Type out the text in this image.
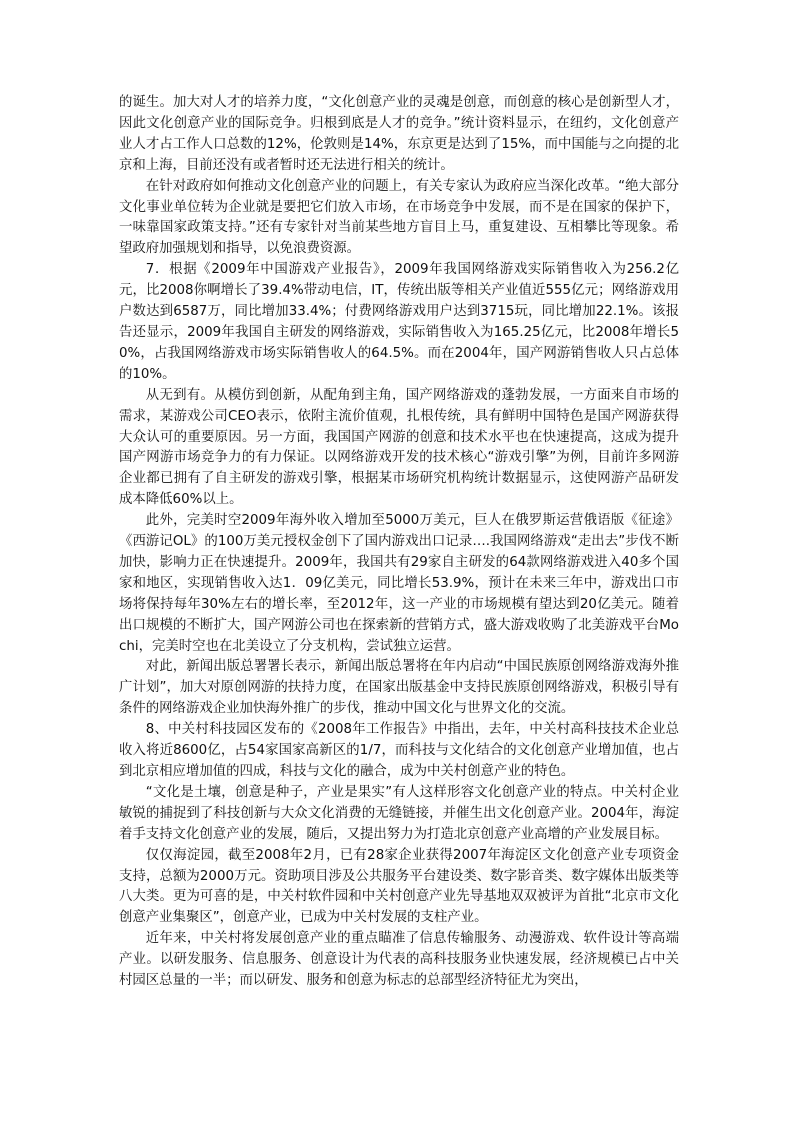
的诞生。加大对人才的培养力度，“文化创意产业的灵魂是创意，而创意的核心是创新型人才，因此文化创意产业的国际竞争。归根到底是人才的竞争。”统计资料显示，在纽约，文化创意产业人才占工作人口总数的12%，伦敦则是14%，东京更是达到了15%，而中国能与之向提的北京和上海，目前还没有或者暂时还无法进行相关的统计。

在针对政府如何推动文化创意产业的问题上，有关专家认为政府应当深化改革。“绝大部分文化事业单位转为企业就是要把它们放入市场，在市场竞争中发展，而不是在国家的保护下，一味靠国家政策支持。”还有专家针对当前某些地方盲目上马，重复建设、互相攀比等现象。希望政府加强规划和指导，以免浪费资源。

7．根据《2009年中国游戏产业报告》，2009年我国网络游戏实际销售收入为256.2亿元，比2008你啊增长了39.4%带动电信，IT，传统出版等相关产业值近555亿元；网络游戏用户数达到6587万，同比增加33.4%；付费网络游戏用户达到3715玩，同比增加22.1%。该报告还显示，2009年我国自主研发的网络游戏，实际销售收入为165.25亿元，比2008年增长50%，占我国网络游戏市场实际销售收人的64.5%。而在2004年，国产网游销售收人只占总体的10%。

从无到有。从模仿到创新，从配角到主角，国产网络游戏的蓬勃发展，一方面来自市场的需求，某游戏公司CEO表示，依附主流价值观，扎根传统，具有鲜明中国特色是国产网游获得大众认可的重要原因。另一方面，我国国产网游的创意和技术水平也在快速提高，这成为提升国产网游市场竞争力的有力保证。以网络游戏开发的技术核心“游戏引擎”为例，目前许多网游企业都已拥有了自主研发的游戏引擎，根据某市场研究机构统计数据显示，这使网游产品研发成本降低60%以上。

此外，完美时空2009年海外收入增加至5000万美元，巨人在俄罗斯运营俄语版《征途》《西游记OL》的100万美元授权金创下了国内游戏出口记录….我国网络游戏“走出去”步伐不断加快，影响力正在快速提升。2009年，我国共有29家自主研发的64款网络游戏进入40多个国家和地区，实现销售收入达1．09亿美元，同比增长53.9%，预计在未来三年中，游戏出口市场将保持每年30%左右的增长率，至2012年，这一产业的市场规模有望达到20亿美元。随着出口规模的不断扩大，国产网游公司也在探索新的营销方式，盛大游戏收购了北美游戏平台Mochi，完美时空也在北美设立了分支机构，尝试独立运营。

对此，新闻出版总署署长表示，新闻出版总署将在年内启动“中国民族原创网络游戏海外推广计划”，加大对原创网游的扶持力度，在国家出版基金中支持民族原创网络游戏，积极引导有条件的网络游戏企业加快海外推广的步伐，推动中国文化与世界文化的交流。

8、中关村科技园区发布的《2008年工作报告》中指出，去年，中关村高科技技术企业总收入将近8600亿，占54家国家高新区的1/7，而科技与文化结合的文化创意产业增加值，也占到北京相应增加值的四成，科技与文化的融合，成为中关村创意产业的特色。

“文化是土壤，创意是种子，产业是果实”有人这样形容文化创意产业的特点。中关村企业敏锐的捕捉到了科技创新与大众文化消费的无缝链接，并催生出文化创意产业。2004年，海淀着手支持文化创意产业的发展，随后，又提出努力为打造北京创意产业高增的产业发展目标。

仅仅海淀园，截至2008年2月，已有28家企业获得2007年海淀区文化创意产业专项资金支持，总额为2000万元。资助项目涉及公共服务平台建设类、数字影音类、数字媒体出版类等八大类。更为可喜的是，中关村软件园和中关村创意产业先导基地双双被评为首批“北京市文化创意产业集聚区”，创意产业，已成为中关村发展的支柱产业。

近年来，中关村将发展创意产业的重点瞄准了信息传输服务、动漫游戏、软件设计等高端产业。以研发服务、信息服务、创意设计为代表的高科技服务业快速发展，经济规模已占中关村园区总量的一半；而以研发、服务和创意为标志的总部型经济特征尤为突出，
